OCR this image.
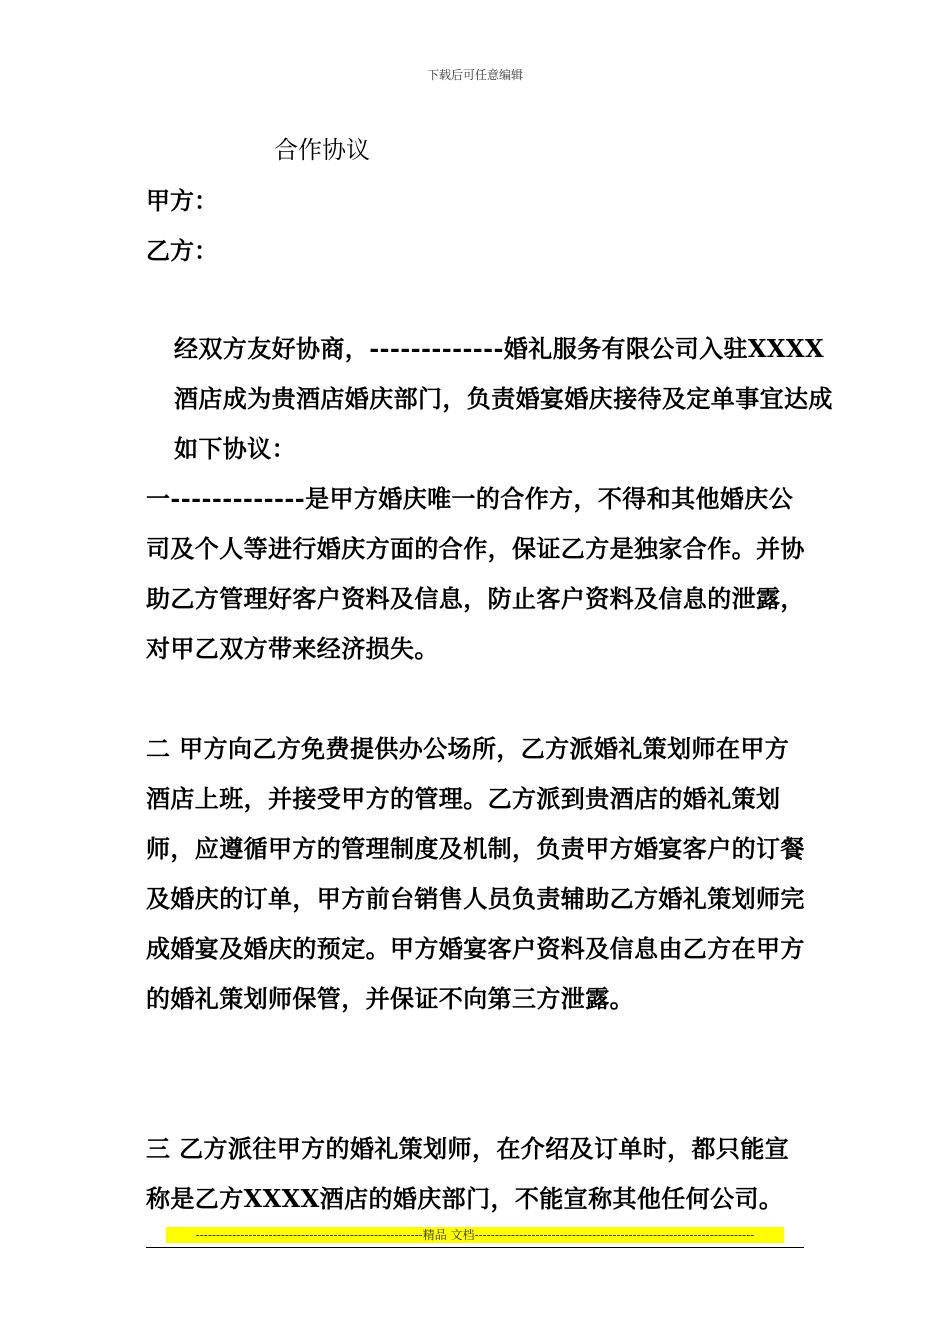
下载后可任意编辑
合作协议
甲方：
乙方：
经双方友好协商，-------------婚礼服务有限公司入驻XXXX酒店成为贵酒店婚庆部门，负责婚宴婚庆接待及定单事宜达成如下协议：
一-------------是甲方婚庆唯一的合作方，不得和其他婚庆公司及个人等进行婚庆方面的合作，保证乙方是独家合作。并协助乙方管理好客户资料及信息，防止客户资料及信息的泄露，对甲乙双方带来经济损失。
二 甲方向乙方免费提供办公场所，乙方派婚礼策划师在甲方酒店上班，并接受甲方的管理。乙方派到贵酒店的婚礼策划师，应遵循甲方的管理制度及机制，负责甲方婚宴客户的订餐及婚庆的订单，甲方前台销售人员负责辅助乙方婚礼策划师完成婚宴及婚庆的预定。甲方婚宴客户资料及信息由乙方在甲方的婚礼策划师保管，并保证不向第三方泄露。
三 乙方派往甲方的婚礼策划师，在介绍及订单时，都只能宣称是乙方XXXX酒店的婚庆部门，不能宣称其他任何公司。
--------------------------------------------------------精品 文档---------------------------------------------------------------------
